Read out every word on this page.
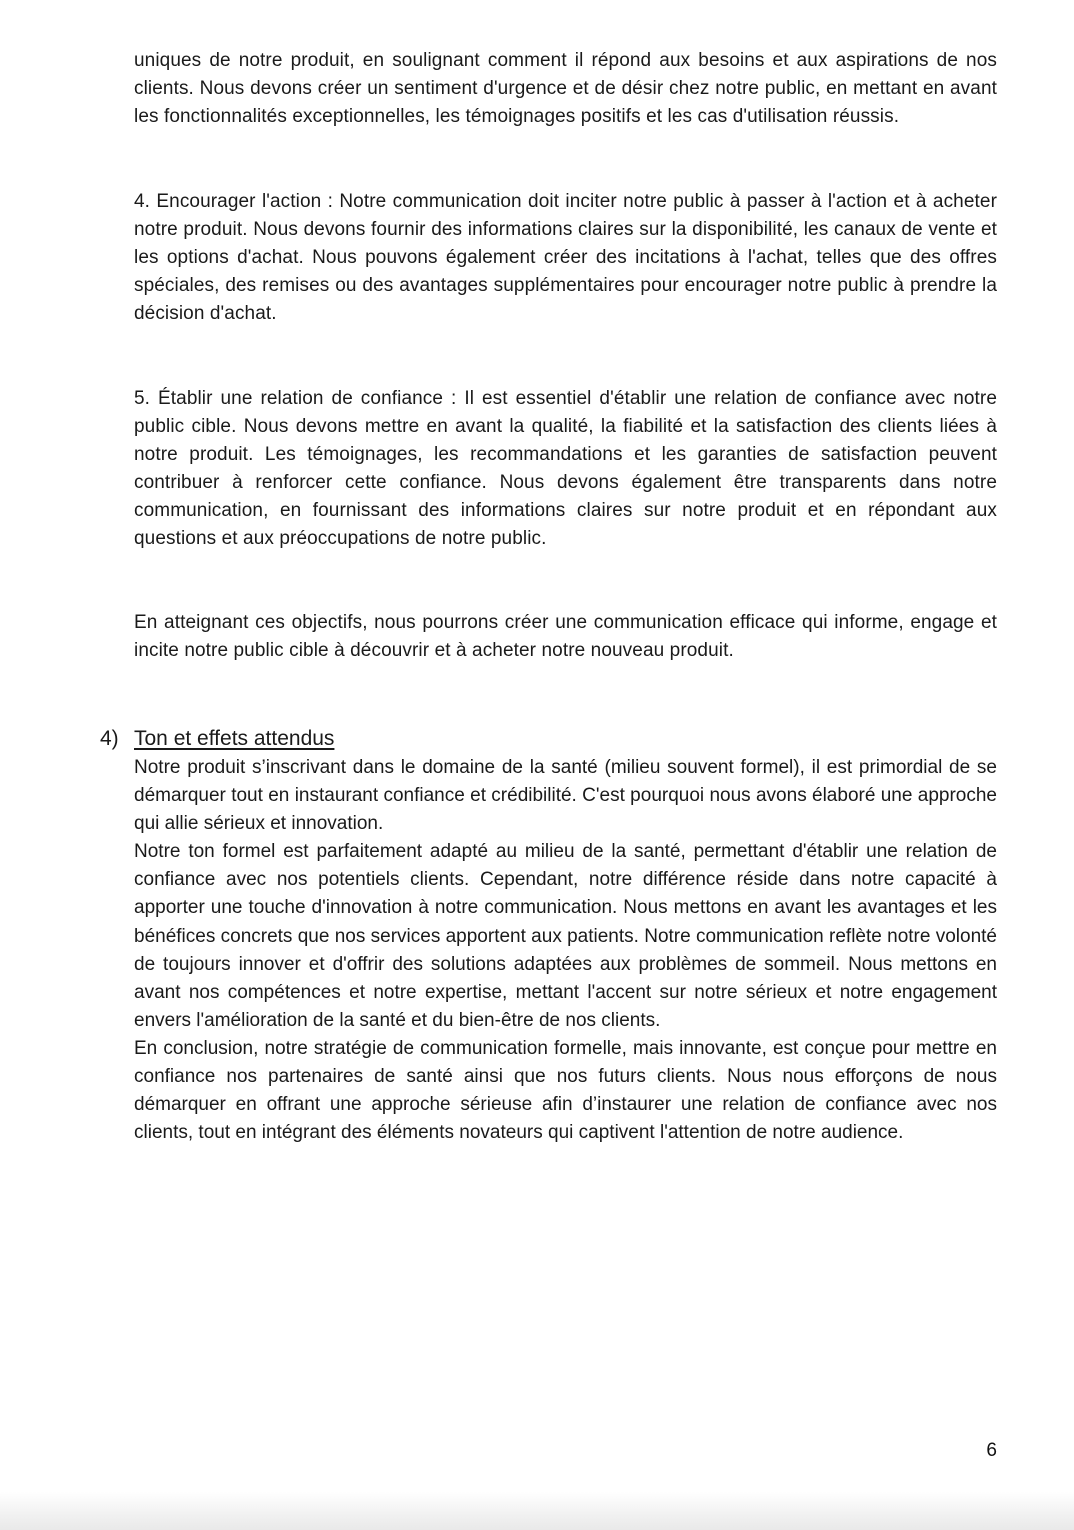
uniques de notre produit, en soulignant comment il répond aux besoins et aux aspirations de nos clients. Nous devons créer un sentiment d'urgence et de désir chez notre public, en mettant en avant les fonctionnalités exceptionnelles, les témoignages positifs et les cas d'utilisation réussis.
4. Encourager l'action : Notre communication doit inciter notre public à passer à l'action et à acheter notre produit. Nous devons fournir des informations claires sur la disponibilité, les canaux de vente et les options d'achat. Nous pouvons également créer des incitations à l'achat, telles que des offres spéciales, des remises ou des avantages supplémentaires pour encourager notre public à prendre la décision d'achat.
5. Établir une relation de confiance : Il est essentiel d'établir une relation de confiance avec notre public cible. Nous devons mettre en avant la qualité, la fiabilité et la satisfaction des clients liées à notre produit. Les témoignages, les recommandations et les garanties de satisfaction peuvent contribuer à renforcer cette confiance. Nous devons également être transparents dans notre communication, en fournissant des informations claires sur notre produit et en répondant aux questions et aux préoccupations de notre public.
En atteignant ces objectifs, nous pourrons créer une communication efficace qui informe, engage et incite notre public cible à découvrir et à acheter notre nouveau produit.
4) Ton et effets attendus

Notre produit s’inscrivant dans le domaine de la santé (milieu souvent formel), il est primordial de se démarquer tout en instaurant confiance et crédibilité. C'est pourquoi nous avons élaboré une approche qui allie sérieux et innovation.

Notre ton formel est parfaitement adapté au milieu de la santé, permettant d'établir une relation de confiance avec nos potentiels clients. Cependant, notre différence réside dans notre capacité à apporter une touche d'innovation à notre communication. Nous mettons en avant les avantages et les bénéfices concrets que nos services apportent aux patients. Notre communication reflète notre volonté de toujours innover et d'offrir des solutions adaptées aux problèmes de sommeil. Nous mettons en avant nos compétences et notre expertise, mettant l'accent sur notre sérieux et notre engagement envers l'amélioration de la santé et du bien-être de nos clients.

En conclusion, notre stratégie de communication formelle, mais innovante, est conçue pour mettre en confiance nos partenaires de santé ainsi que nos futurs clients. Nous nous efforçons de nous démarquer en offrant une approche sérieuse afin d’instaurer une relation de confiance avec nos clients, tout en intégrant des éléments novateurs qui captivent l'attention de notre audience.

6
